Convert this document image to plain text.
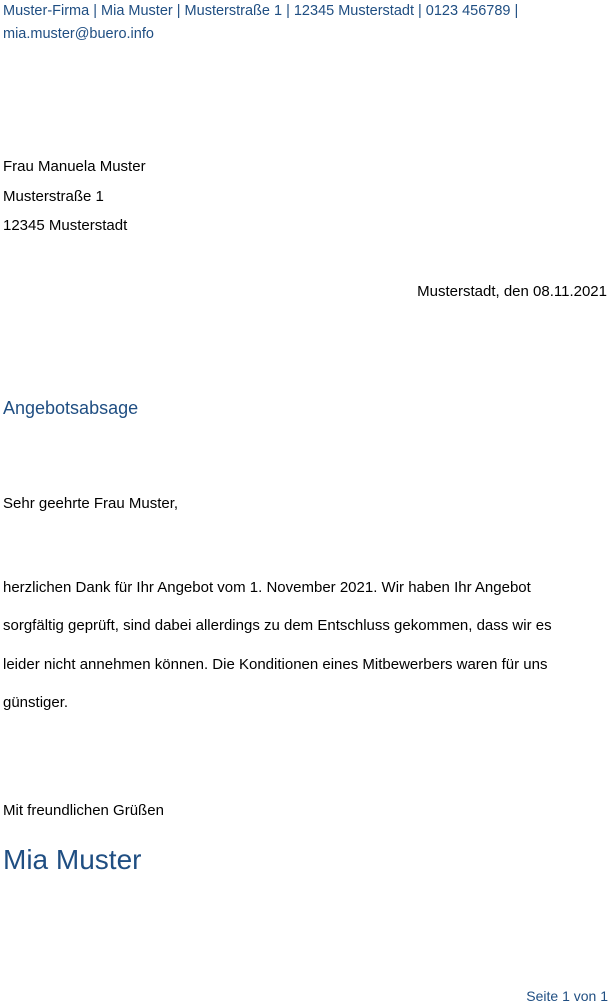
Muster-Firma | Mia Muster | Musterstraße 1 | 12345 Musterstadt | 0123 456789 |
mia.muster@buero.info
Frau Manuela Muster
Musterstraße 1
12345 Musterstadt
Musterstadt, den 08.11.2021
Angebotsabsage
Sehr geehrte Frau Muster,
herzlichen Dank für Ihr Angebot vom 1. November 2021. Wir haben Ihr Angebot
sorgfältig geprüft, sind dabei allerdings zu dem Entschluss gekommen, dass wir es
leider nicht annehmen können. Die Konditionen eines Mitbewerbers waren für uns
günstiger.
Mit freundlichen Grüßen
Mia Muster
Seite 1 von 1
